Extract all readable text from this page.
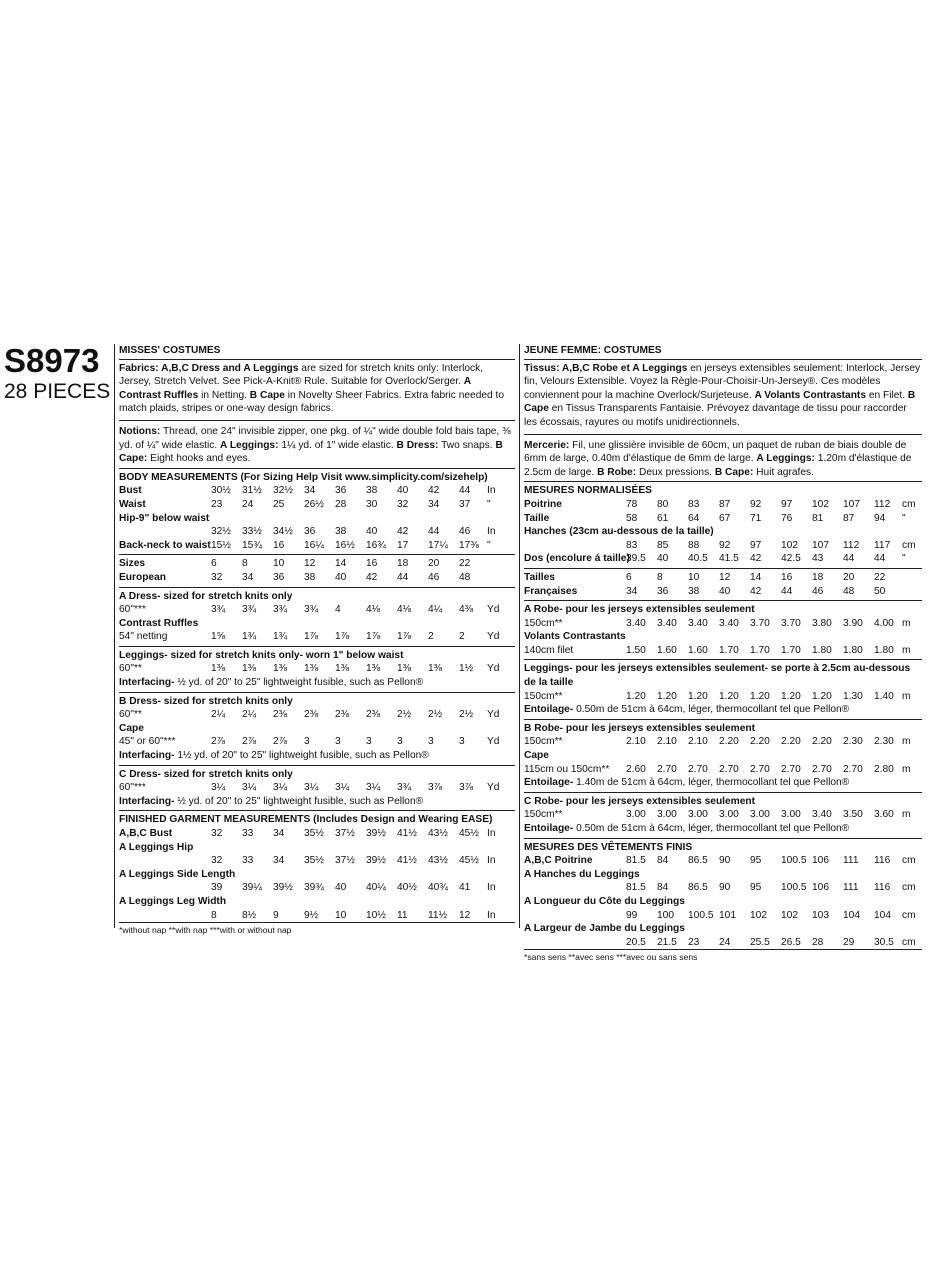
S8973
28 PIECES
MISSES' COSTUMES
Fabrics: A,B,C Dress and A Leggings are sized for stretch knits only: Interlock, Jersey, Stretch Velvet. See Pick-A-Knit® Rule. Suitable for Overlock/Serger. A Contrast Ruffles in Netting. B Cape in Novelty Sheer Fabrics. Extra fabric needed to match plaids, stripes or one-way design fabrics.
Notions: Thread, one 24" invisible zipper, one pkg. of ¼" wide double fold bais tape, ⅜ yd. of ¼" wide elastic. A Leggings: 1¼ yd. of 1" wide elastic. B Dress: Two snaps. B Cape: Eight hooks and eyes.
BODY MEASUREMENTS (For Sizing Help Visit www.simplicity.com/sizehelp)
Bust	30½	31½	32½	34	36	38	40	42	44	In
Waist	23	24	25	26½	28	30	32	34	37	"
Hip-9" below waist										
	32½	33½	34½	36	38	40	42	44	46	In
Back-neck to waist	15½	15¾	16	16¼	16½	16¾	17	17¼	17⅜	"
Sizes	6	8	10	12	14	16	18	20	22	
European	32	34	36	38	40	42	44	46	48	
A Dress- sized for stretch knits only
60"***	3¾	3¾	3¾	3¾	4	4⅛	4⅛	4¼	4⅜	Yd
Contrast Ruffles										
54" netting	1⅝	1¾	1¾	1⅞	1⅞	1⅞	1⅞	2	2	Yd
Leggings- sized for stretch knits only- worn 1" below waist
60"**	1⅜	1⅜	1⅜	1⅜	1⅜	1⅜	1⅜	1⅜	1½	Yd
Interfacing- ½ yd. of 20" to 25" lightweight fusible, such as Pellon®
B Dress- sized for stretch knits only
60"**	2¼	2¼	2⅜	2⅜	2⅜	2⅜	2½	2½	2½	Yd
Cape										
45" or 60"***	2⅞	2⅞	2⅞	3	3	3	3	3	3	Yd
Interfacing- 1½ yd. of 20" to 25" lightweight fusible, such as Pellon®
C Dress- sized for stretch knits only
60"***	3¼	3¼	3¼	3¼	3¼	3¼	3¾	3⅞	3⅞	Yd
Interfacing- ½ yd. of 20" to 25" lightweight fusible, such as Pellon®
FINISHED GARMENT MEASUREMENTS (Includes Design and Wearing EASE)
A,B,C Bust	32	33	34	35½	37½	39½	41½	43½	45½	In
A Leggings Hip										
	32	33	34	35½	37½	39½	41½	43½	45½	In
A Leggings Side Length										
	39	39¼	39½	39¾	40	40¼	40½	40¾	41	In
A Leggings Leg Width										
	8	8½	9	9½	10	10½	11	11½	12	In
*without nap **with nap ***with or without nap
JEUNE FEMME: COSTUMES
Tissus: A,B,C Robe et A Leggings en jerseys extensibles seulement: Interlock, Jersey fin, Velours Extensible. Voyez la Règle-Pour-Choisir-Un-Jersey®. Ces modèles conviennent pour la machine Overlock/Surjeteuse. A Volants Contrastants en Filet. B Cape en Tissus Transparents Fantaisie. Prévoyez davantage de tissu pour raccorder les écossais, rayures ou motifs unidirectionnels.
Mercerie: Fil, une glissière invisible de 60cm, un paquet de ruban de biais double de 6mm de large, 0.40m d'élastique de 6mm de large. A Leggings: 1.20m d'élastique de 2.5cm de large. B Robe: Deux pressions. B Cape: Huit agrafes.
MESURES NORMALISÉES
Poitrine	78	80	83	87	92	97	102	107	112	cm
Taille	58	61	64	67	71	76	81	87	94	"
Hanches (23cm au-dessous de la taille)										
	83	85	88	92	97	102	107	112	117	cm
Dos (encolure á taille)	39.5	40	40.5	41.5	42	42.5	43	44	44	"
Tailles	6	8	10	12	14	16	18	20	22	
Françaises	34	36	38	40	42	44	46	48	50	
A Robe- pour les jerseys extensibles seulement
150cm**	3.40	3.40	3.40	3.40	3.70	3.70	3.80	3.90	4.00	m
Volants Contrastants										
140cm filet	1.50	1.60	1.60	1.70	1.70	1.70	1.80	1.80	1.80	m
Leggings- pour les jerseys extensibles seulement- se porte à 2.5cm au-dessous de la taille
150cm**	1.20	1.20	1.20	1.20	1.20	1.20	1.20	1.30	1.40	m
Entoilage- 0.50m de 51cm à 64cm, léger, thermocollant tel que Pellon®
B Robe- pour les jerseys extensibles seulement
150cm**	2.10	2.10	2.10	2.20	2.20	2.20	2.20	2.30	2.30	m
Cape										
115cm ou 150cm**	2.60	2.70	2.70	2.70	2.70	2.70	2.70	2.70	2.80	m
Entoilage- 1.40m de 51cm à 64cm, léger, thermocollant tel que Pellon®
C Robe- pour les jerseys extensibles seulement
150cm**	3.00	3.00	3.00	3.00	3.00	3.00	3.40	3.50	3.60	m
Entoilage- 0.50m de 51cm à 64cm, léger, thermocollant tel que Pellon®
MESURES DES VÊTEMENTS FINIS
A,B,C Poitrine	81.5	84	86.5	90	95	100.5	106	111	116	cm
A Hanches du Leggings										
	81.5	84	86.5	90	95	100.5	106	111	116	cm
A Longueur du Côte du Leggings										
	99	100	100.5	101	102	102	103	104	104	cm
A Largeur de Jambe du Leggings										
	20.5	21.5	23	24	25.5	26.5	28	29	30.5	cm
*sans sens **avec sens ***avec ou sans sens
